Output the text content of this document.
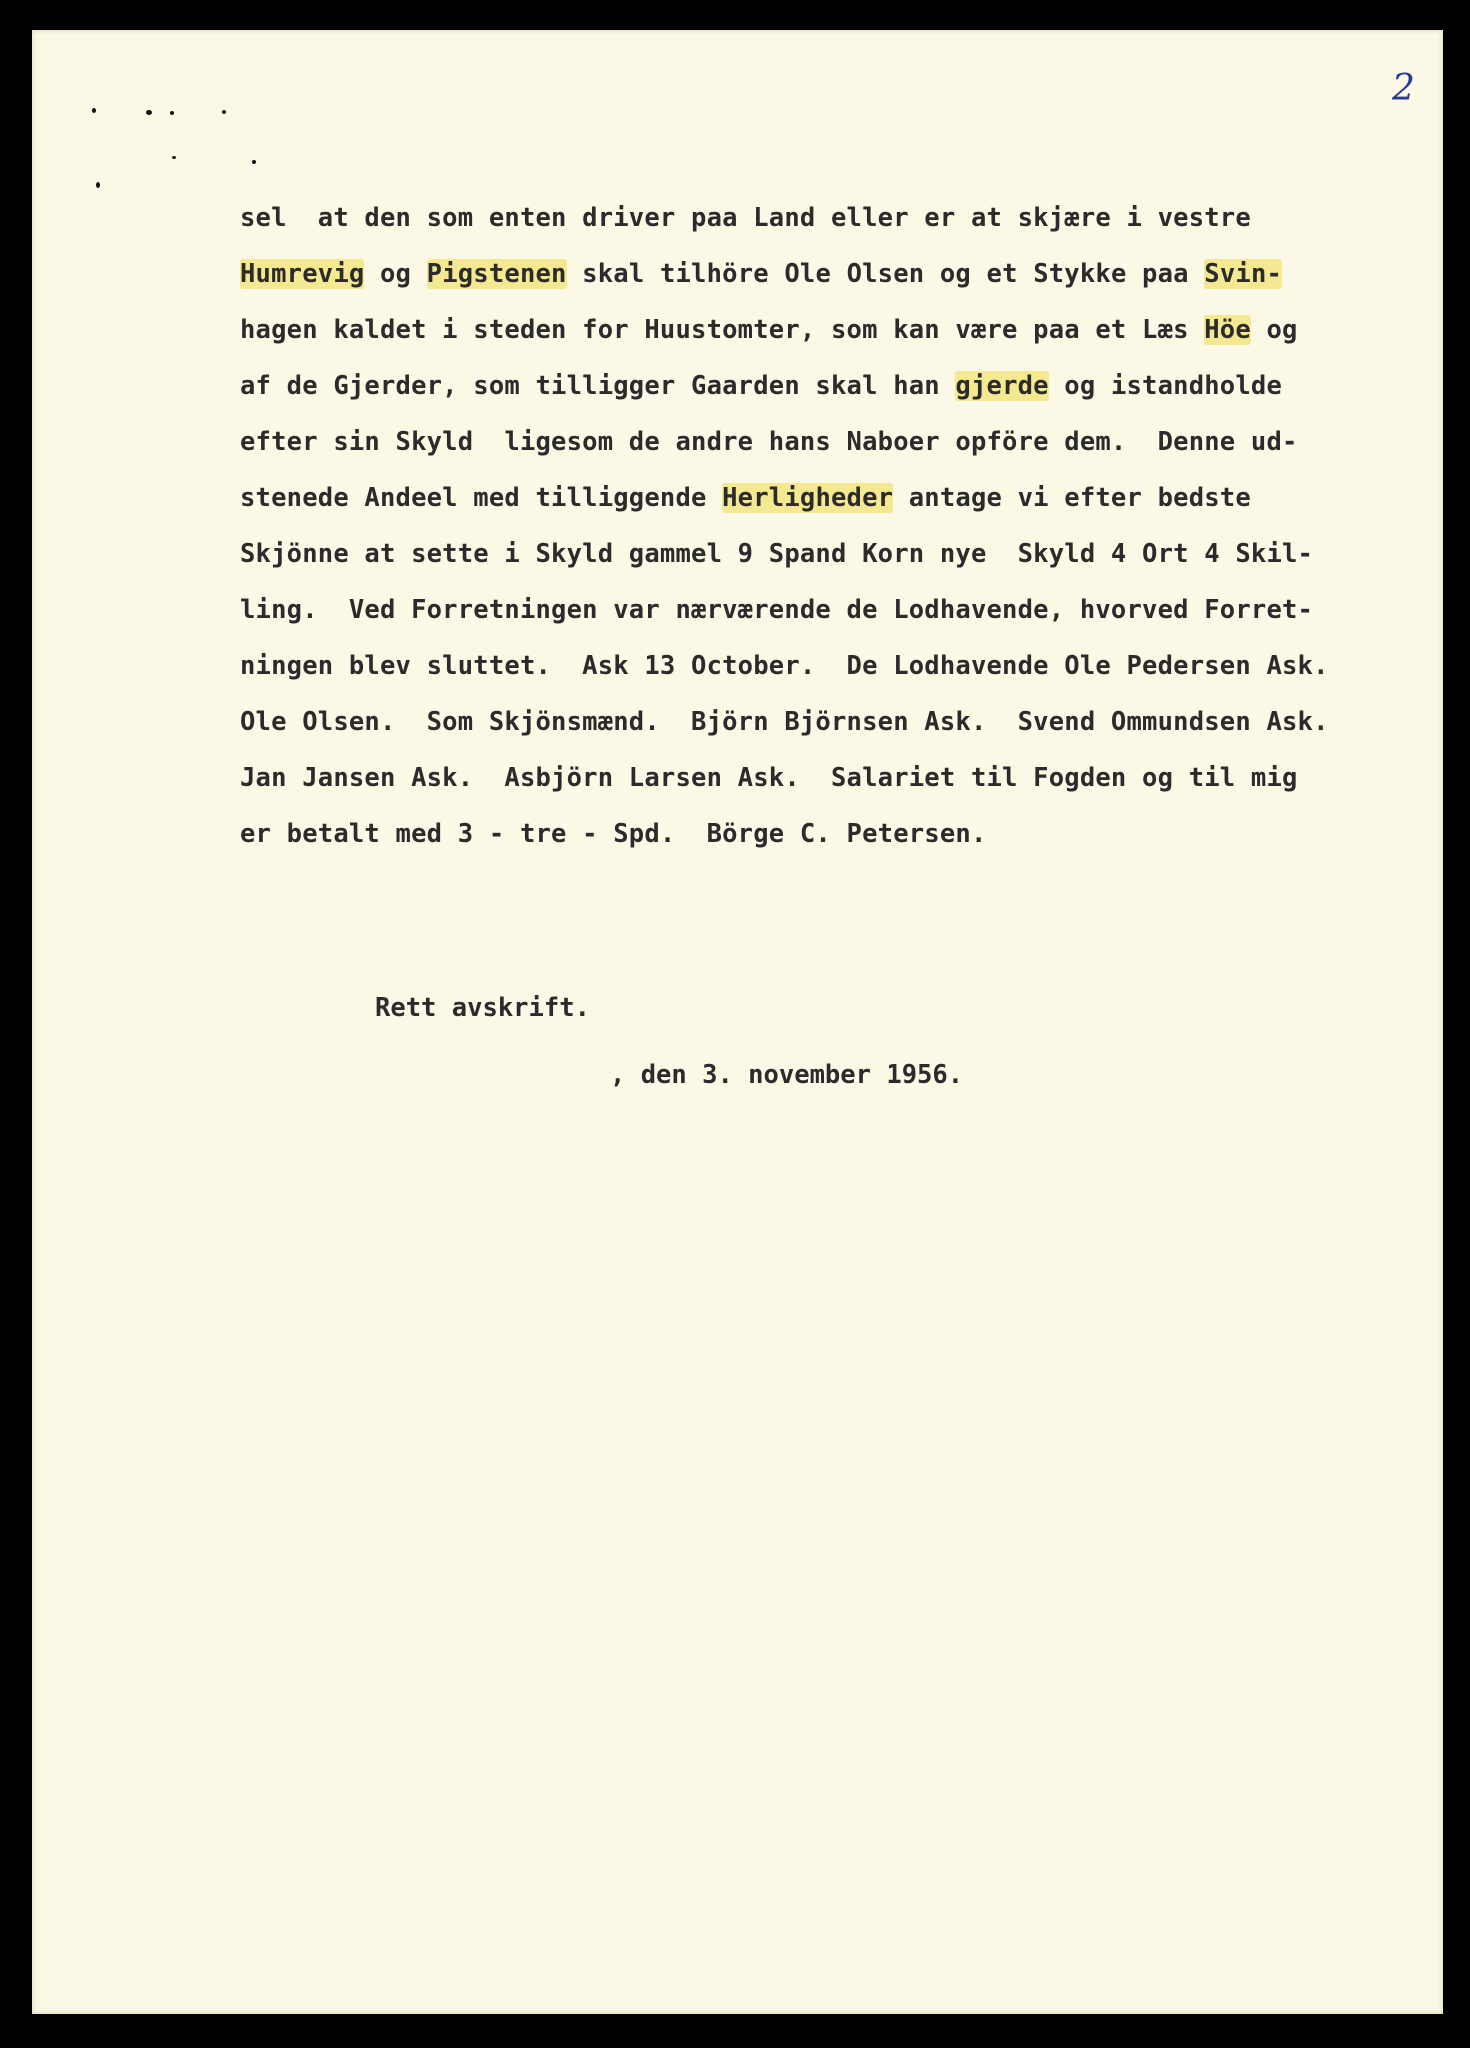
2
sel  at den som enten driver paa Land eller er at skjære i vestre
Humrevig og Pigstenen skal tilhöre Ole Olsen og et Stykke paa Svin-
hagen kaldet i steden for Huustomter, som kan være paa et Læs Höe og
af de Gjerder, som tilligger Gaarden skal han gjerde og istandholde
efter sin Skyld  ligesom de andre hans Naboer opföre dem.  Denne ud-
stenede Andeel med tilliggende Herligheder antage vi efter bedste
Skjönne at sette i Skyld gammel 9 Spand Korn nye  Skyld 4 Ort 4 Skil-
ling.  Ved Forretningen var nærværende de Lodhavende, hvorved Forret-
ningen blev sluttet.  Ask 13 October.  De Lodhavende Ole Pedersen Ask.
Ole Olsen.  Som Skjönsmænd.  Björn Björnsen Ask.  Svend Ommundsen Ask.
Jan Jansen Ask.  Asbjörn Larsen Ask.  Salariet til Fogden og til mig
er betalt med 3 - tre - Spd.  Börge C. Petersen.
Rett avskrift.
, den 3. november 1956.
